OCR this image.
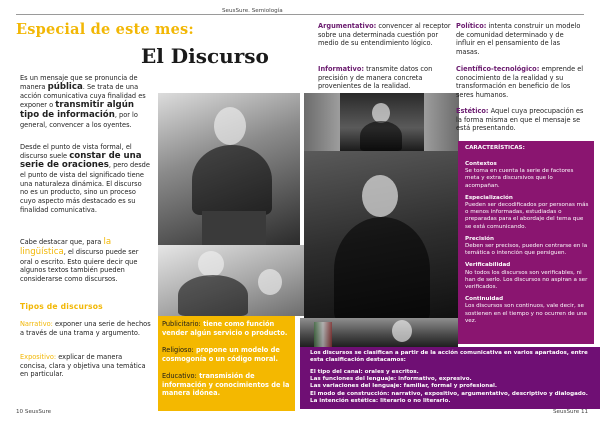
SeusSure. Semiología
Especial de este mes:
El Discurso
Es un mensaje que se pronuncia de manera pública. Se trata de una acción comunicativa cuya finalidad es exponer o transmitir algún tipo de información, por lo general, convencer a los oyentes.
Desde el punto de vista formal, el discurso suele constar de una serie de oraciones, pero desde el punto de vista del significado tiene una naturaleza dinámica. El discurso no es un producto, sino un proceso cuyo aspecto más destacado es su finalidad comunicativa.
Cabe destacar que, para la lingüística, el discurso puede ser oral o escrito. Esto quiere decir que algunos textos también pueden considerarse como discursos.
Tipos de discursos
Narrativo: exponer una serie de hechos a través de una trama y argumento.
Expositivo: explicar de manera concisa, clara y objetiva una temática en particular.
Argumentativo: convencer al receptor sobre una determinada cuestión por medio de su entendimiento lógico.
Informativo: transmite datos con precisión y de manera concreta provenientes de la realidad.
Político: intenta construir un modelo de comunidad determinado y de influir en el pensamiento de las masas.
Científico-tecnológico: emprende el conocimiento de la realidad y su transformación en beneficio de los seres humanos.
Estético: Aquel cuya preocupación es la forma misma en que el mensaje se está presentando.
CARACTERÍSTICAS:

Contextos

Se toma en cuenta la serie de factores meta y extra discursivos que lo acompañan.

Especialización

Pueden ser decodificados por personas más o menos informadas, estudiadas o preparadas para el abordaje del tema que se está comunicando.

Precisión

Deben ser precisos, pueden centrarse en la temática o intención que persiguen.

Verificabilidad

No todos los discursos son verificables, ni han de serlo. Los discursos no aspiran a ser verificados.

Continuidad

Los discursos son continuos, vale decir, se sostienen en el tiempo y no ocurren de una vez.

Publicitario: tiene como función vender algún servicio o producto.

Religioso: propone un modelo de cosmogonía o un código moral.

Educativo: transmisión de información y conocimientos de la manera idónea.

Los discursos se clasifican a partir de la acción comunicativa en varios apartados, entre esta clasificación destacamos:

El tipo del canal: orales y escritos.

Las funciones del lenguaje: informativo, expresivo.

Las variaciones del lenguaje: familiar, formal y profesional.

El modo de construcción: narrativo, expositivo, argumentativo, descriptivo y dialogado.

La intención estética: literario o no literario.

10 SeusSure	SeusSure 11
